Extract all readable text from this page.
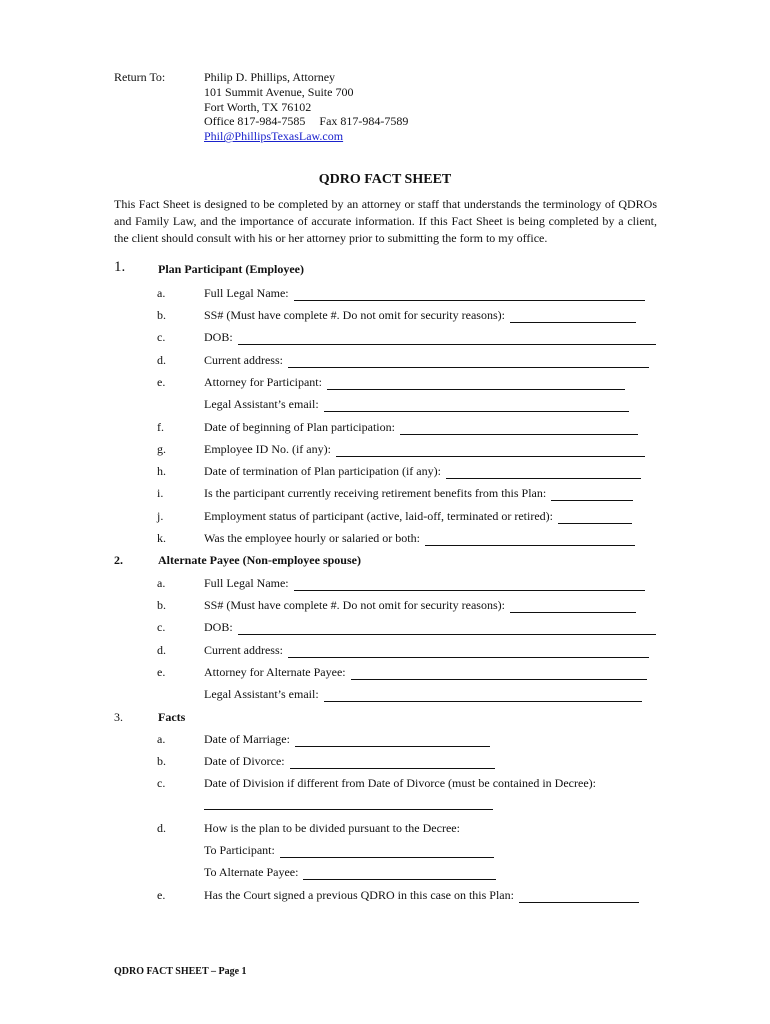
Return To:	Philip D. Phillips, Attorney
101 Summit Avenue, Suite 700
Fort Worth, TX 76102
Office 817-984-7585 Fax 817-984-7589
Phil@PhillipsTexasLaw.com
QDRO FACT SHEET
This Fact Sheet is designed to be completed by an attorney or staff that understands the terminology of QDROs and Family Law, and the importance of accurate information. If this Fact Sheet is being completed by a client, the client should consult with his or her attorney prior to submitting the form to my office.
1.	Plan Participant (Employee)
a.	Full Legal Name:
b.	SS# (Must have complete #. Do not omit for security reasons):
c.	DOB:
d.	Current address:
e.	Attorney for Participant:
Legal Assistant’s email:
f.	Date of beginning of Plan participation:
g.	Employee ID No. (if any):
h.	Date of termination of Plan participation (if any):
i.	Is the participant currently receiving retirement benefits from this Plan:
j.	Employment status of participant (active, laid-off, terminated or retired):
k.	Was the employee hourly or salaried or both:
2.	Alternate Payee (Non-employee spouse)
a.	Full Legal Name:
b.	SS# (Must have complete #. Do not omit for security reasons):
c.	DOB:
d.	Current address:
e.	Attorney for Alternate Payee:
Legal Assistant’s email:
3.	Facts
a.	Date of Marriage:
b.	Date of Divorce:
c.	Date of Division if different from Date of Divorce (must be contained in Decree):
d.	How is the plan to be divided pursuant to the Decree:
To Participant:
To Alternate Payee:
e.	Has the Court signed a previous QDRO in this case on this Plan:
QDRO FACT SHEET – Page 1
